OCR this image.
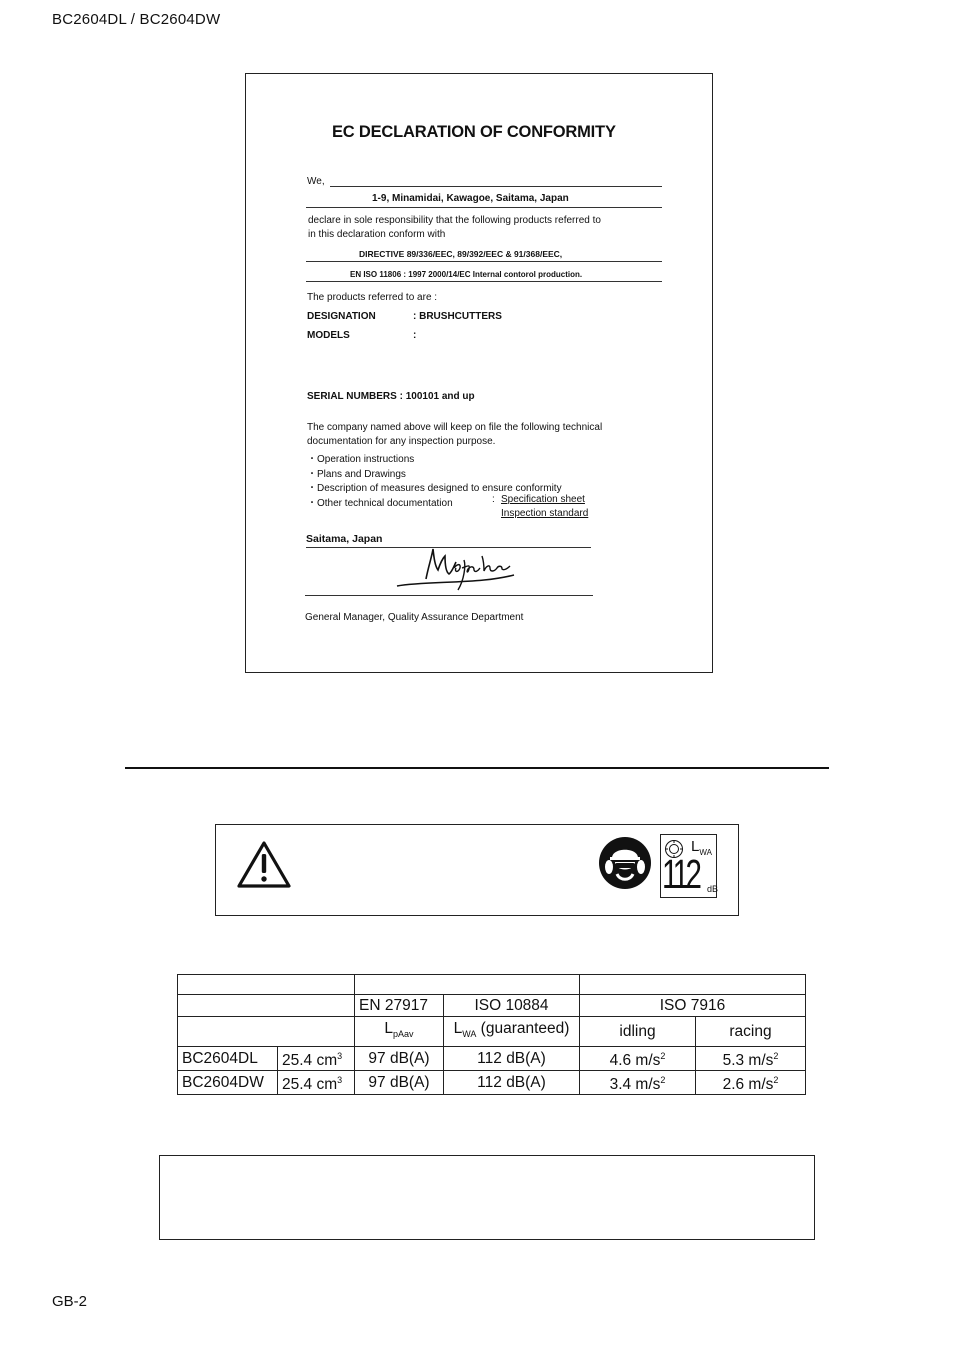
BC2604DL / BC2604DW
EC DECLARATION OF CONFORMITY
We,
1-9, Minamidai, Kawagoe, Saitama, Japan
declare in sole responsibility that the following products referred to
in this declaration conform with
DIRECTIVE 89/336/EEC, 89/392/EEC & 91/368/EEC,
EN ISO 11806 : 1997 2000/14/EC Internal contorol production.
The products referred to are :
DESIGNATION	: BRUSHCUTTERS
MODELS	:
SERIAL NUMBERS : 100101 and up
The company named above will keep on file the following technical
documentation for any inspection purpose.
・Operation instructions
・Plans and Drawings
・Description of measures designed to ensure conformity
・Other technical documentation	: Specification sheet
Inspection standard
Saitama, Japan
General Manager, Quality Assurance Department
$L_{WA}$
112 dB

		EN 27917	ISO 10884	ISO 7916	
		$L_{pAav}$	$L_{WA}$ (guaranteed)	idling	racing
BC2604DL	25.4 $cm^3$	97 dB(A)	112 dB(A)	4.6 $m/s^2$	5.3 $m/s^2$
BC2604DW	25.4 $cm^3$	97 dB(A)	112 dB(A)	3.4 $m/s^2$	2.6 $m/s^2$
GB-2
